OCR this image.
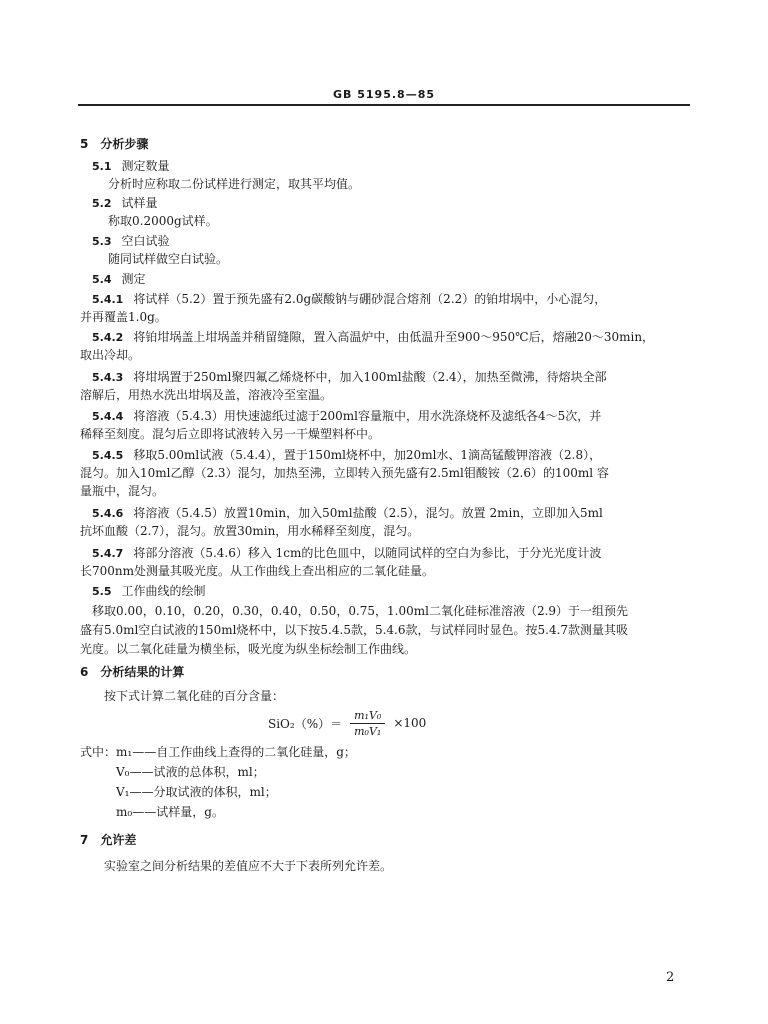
GB 5195.8—85
5　分析步骤
5.1 测定数量
分析时应称取二份试样进行测定，取其平均值。
5.2 试样量
称取0.2000g试样。
5.3 空白试验
随同试样做空白试验。
5.4 测定
5.4.1 将试样（5.2）置于预先盛有2.0g碳酸钠与硼砂混合熔剂（2.2）的铂坩埚中，小心混匀，
并再覆盖1.0g。
5.4.2 将铂坩埚盖上坩埚盖并稍留缝隙，置入高温炉中，由低温升至900～950℃后，熔融20～30min，
取出冷却。
5.4.3 将坩埚置于250ml聚四氟乙烯烧杯中，加入100ml盐酸（2.4），加热至微沸，待熔块全部
溶解后，用热水洗出坩埚及盖，溶液冷至室温。
5.4.4 将溶液（5.4.3）用快速滤纸过滤于200ml容量瓶中，用水洗涤烧杯及滤纸各4～5次，并
稀释至刻度。混匀后立即将试液转入另一干燥塑料杯中。
5.4.5 移取5.00ml试液（5.4.4），置于150ml烧杯中，加20ml水、1滴高锰酸钾溶液（2.8），
混匀。加入10ml乙醇（2.3）混匀，加热至沸，立即转入预先盛有2.5ml钼酸铵（2.6）的100ml 容
量瓶中，混匀。
5.4.6 将溶液（5.4.5）放置10min，加入50ml盐酸（2.5），混匀。放置 2min，立即加入5ml
抗坏血酸（2.7），混匀。放置30min，用水稀释至刻度，混匀。
5.4.7 将部分溶液（5.4.6）移入 1cm的比色皿中，以随同试样的空白为参比，于分光光度计波
长700nm处测量其吸光度。从工作曲线上查出相应的二氧化硅量。
5.5 工作曲线的绘制
移取0.00，0.10，0.20，0.30，0.40，0.50，0.75，1.00ml二氧化硅标准溶液（2.9）于一组预先
盛有5.0ml空白试液的150ml烧杯中，以下按5.4.5款，5.4.6款，与试样同时显色。按5.4.7款测量其吸
光度。以二氧化硅量为横坐标，吸光度为纵坐标绘制工作曲线。
6　分析结果的计算
按下式计算二氧化硅的百分含量：
$SiO_2(\%)= \frac{\text{m₁V₀}}{\text{m₀V₁}} \times 100$
式中： m₁——自工作曲线上查得的二氧化硅量，g；
V₀——试液的总体积，ml；
V₁——分取试液的体积，ml；
m₀——试样量，g。
7　允许差
实验室之间分析结果的差值应不大于下表所列允许差。
2
